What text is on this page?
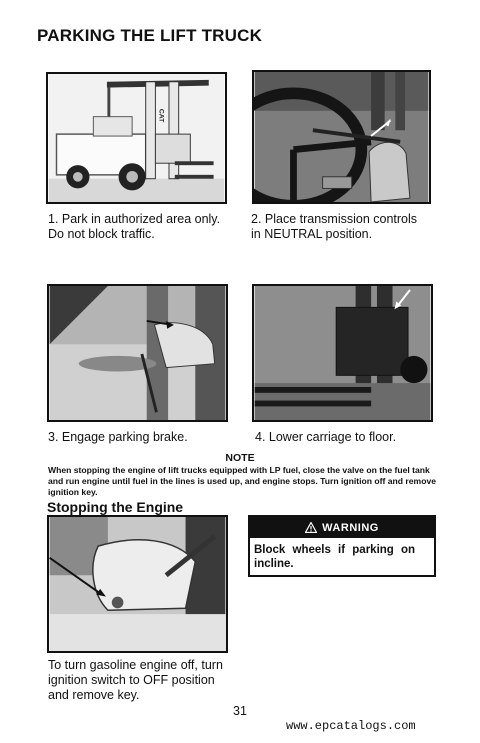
PARKING THE LIFT TRUCK
CAT
1. Park in authorized area only.
Do not block traffic.
2. Place transmission controls
in NEUTRAL position.
3. Engage parking brake.	4. Lower carriage to floor.
NOTE
When stopping the engine of lift trucks equipped with LP fuel, close the valve on the fuel tank and run engine until fuel in the lines is used up, and engine stops. Turn ignition off and remove ignition key.
Stopping the Engine
To turn gasoline engine off, turn
ignition switch to OFF position
and remove key.
WARNING
Block wheels if parking on incline.
31
www.epcatalogs.com
